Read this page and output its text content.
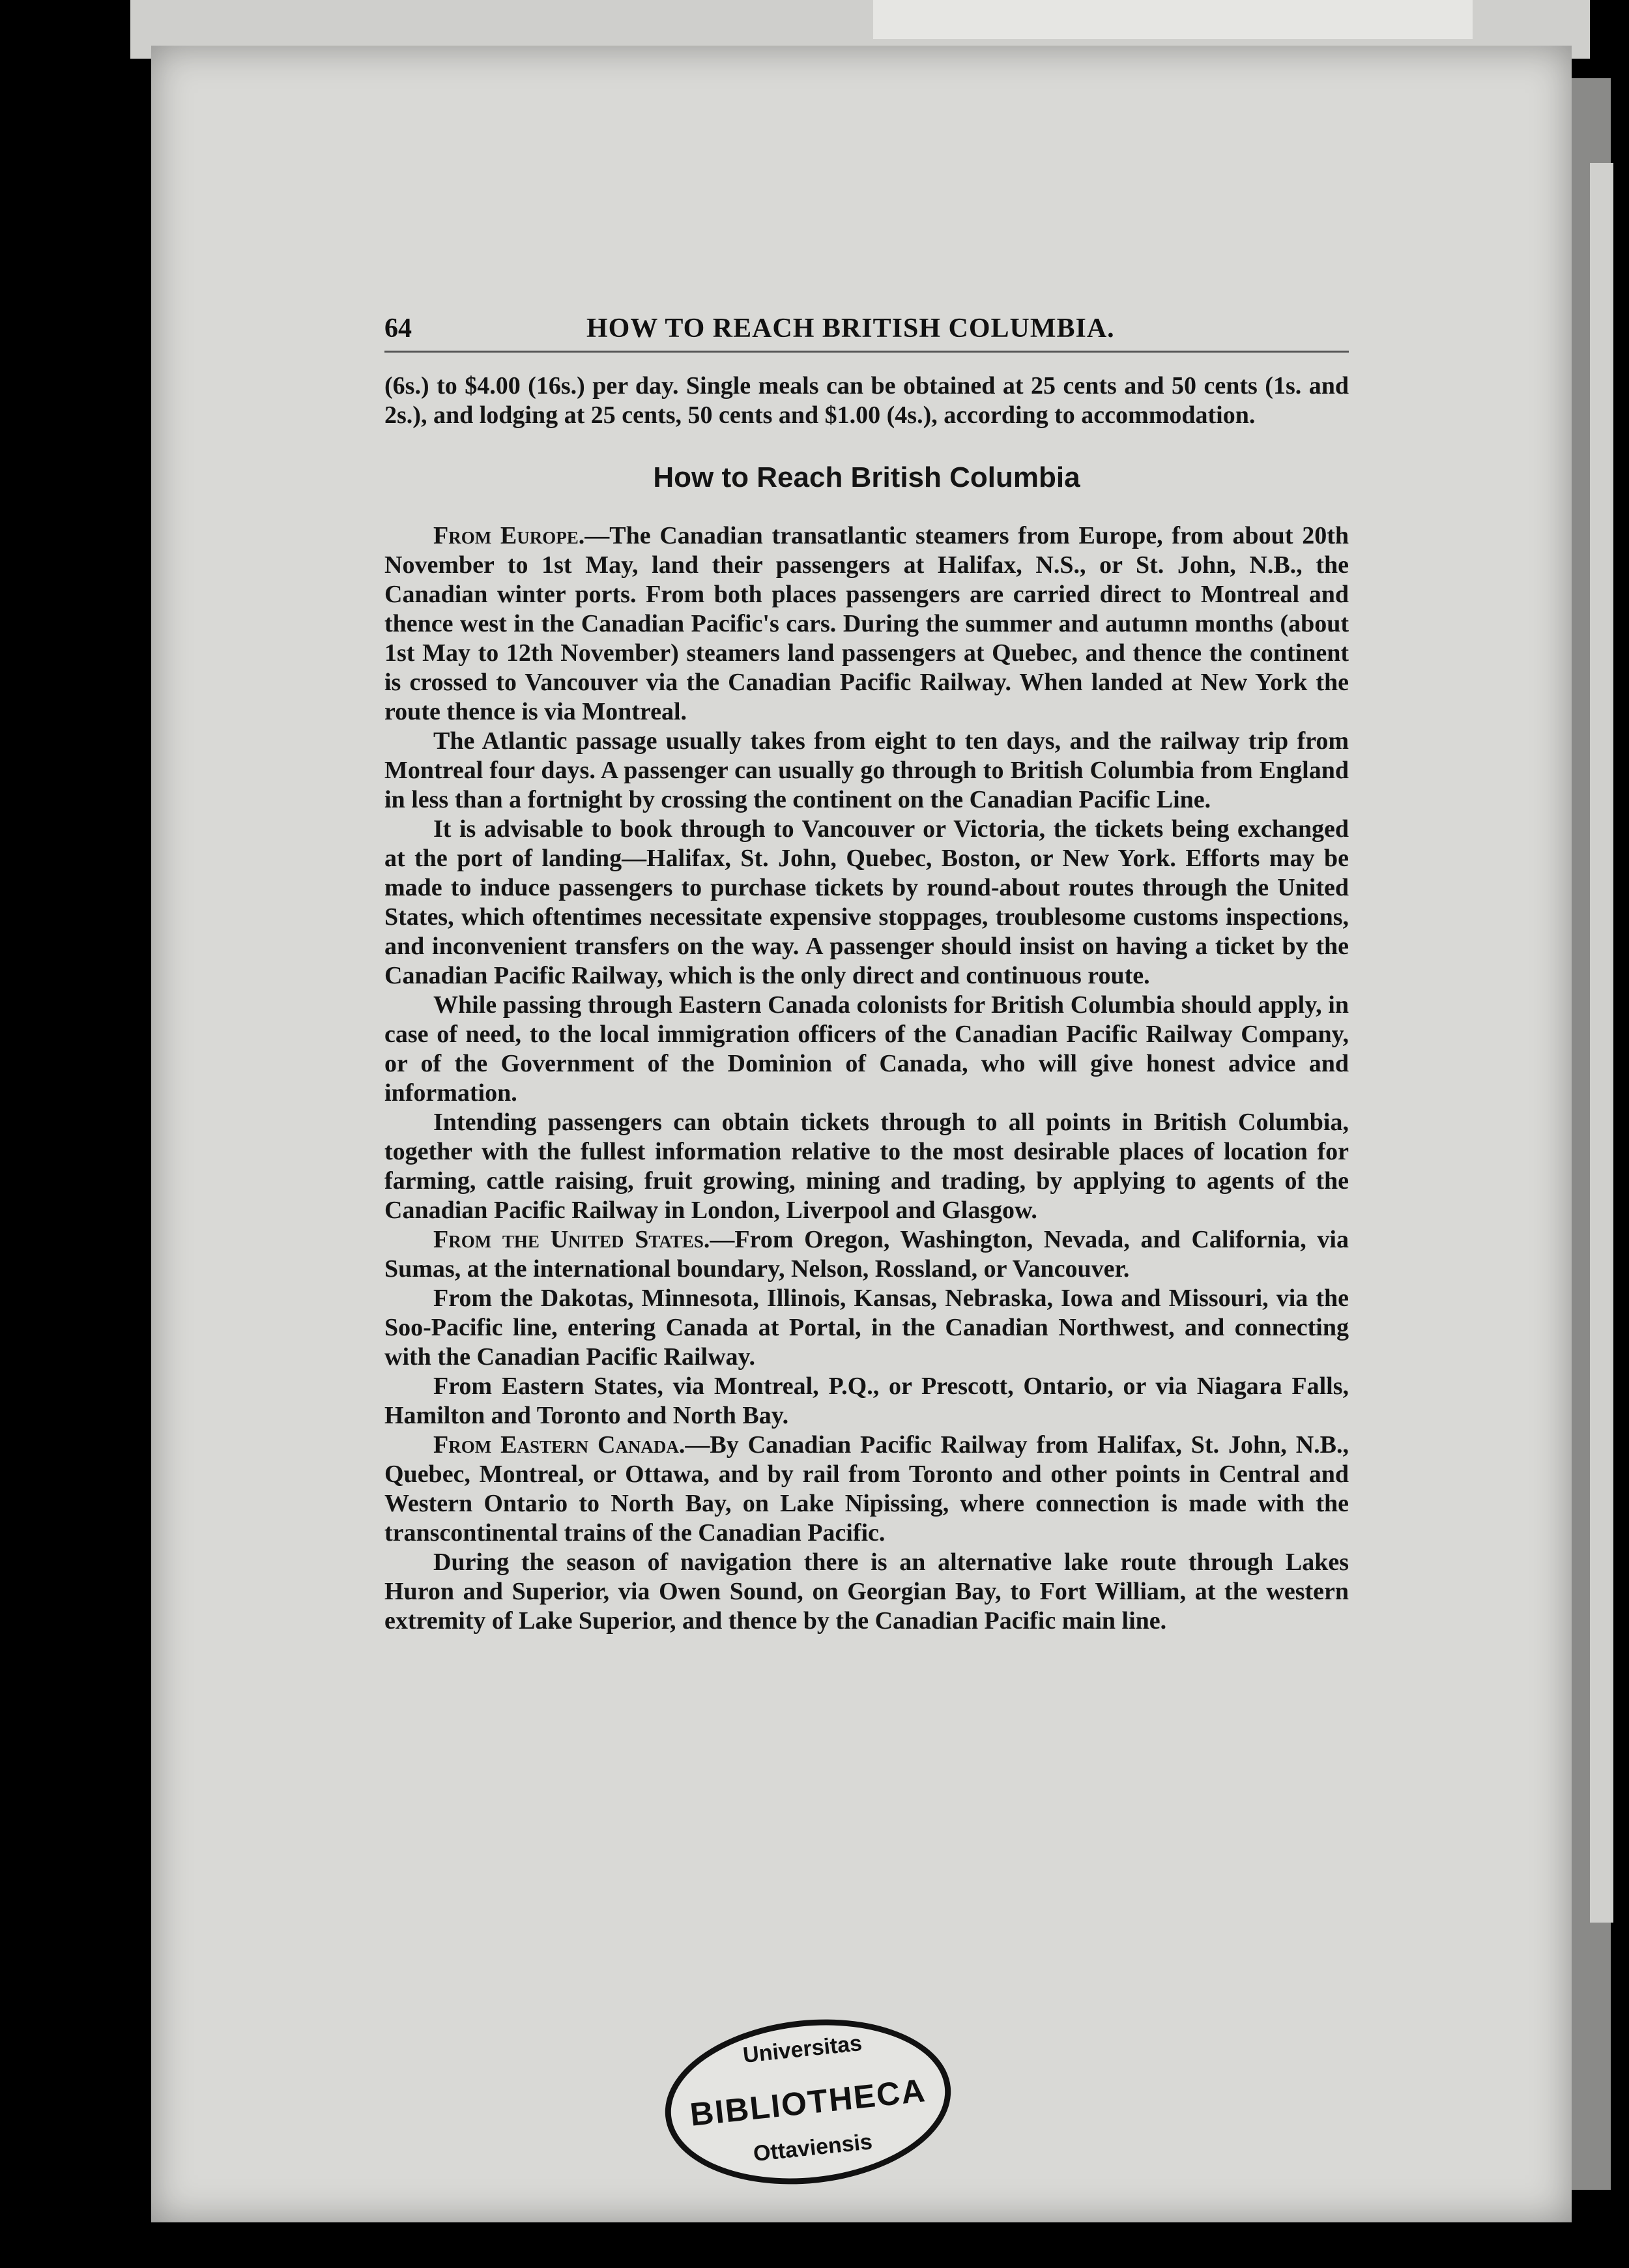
64	HOW TO REACH BRITISH COLUMBIA.

(6s.) to $4.00 (16s.) per day. Single meals can be obtained at 25 cents and 50 cents (1s. and 2s.), and lodging at 25 cents, 50 cents and $1.00 (4s.), according to accommodation.

How to Reach British Columbia

From Europe.—The Canadian transatlantic steamers from Europe, from about 20th November to 1st May, land their passengers at Halifax, N.S., or St. John, N.B., the Canadian winter ports. From both places passengers are carried direct to Montreal and thence west in the Canadian Pacific's cars. During the summer and autumn months (about 1st May to 12th November) steamers land passengers at Quebec, and thence the continent is crossed to Vancouver via the Canadian Pacific Railway. When landed at New York the route thence is via Montreal.

The Atlantic passage usually takes from eight to ten days, and the railway trip from Montreal four days. A passenger can usually go through to British Columbia from England in less than a fortnight by crossing the continent on the Canadian Pacific Line.

It is advisable to book through to Vancouver or Victoria, the tickets being exchanged at the port of landing—Halifax, St. John, Quebec, Boston, or New York. Efforts may be made to induce passengers to purchase tickets by round-about routes through the United States, which oftentimes necessitate expensive stoppages, troublesome customs inspections, and inconvenient transfers on the way. A passenger should insist on having a ticket by the Canadian Pacific Railway, which is the only direct and continuous route.

While passing through Eastern Canada colonists for British Columbia should apply, in case of need, to the local immigration officers of the Canadian Pacific Railway Company, or of the Government of the Dominion of Canada, who will give honest advice and information.

Intending passengers can obtain tickets through to all points in British Columbia, together with the fullest information relative to the most desirable places of location for farming, cattle raising, fruit growing, mining and trading, by applying to agents of the Canadian Pacific Railway in London, Liverpool and Glasgow.

From the United States.—From Oregon, Washington, Nevada, and California, via Sumas, at the international boundary, Nelson, Rossland, or Vancouver.

From the Dakotas, Minnesota, Illinois, Kansas, Nebraska, Iowa and Missouri, via the Soo-Pacific line, entering Canada at Portal, in the Canadian Northwest, and connecting with the Canadian Pacific Railway.

From Eastern States, via Montreal, P.Q., or Prescott, Ontario, or via Niagara Falls, Hamilton and Toronto and North Bay.

From Eastern Canada.—By Canadian Pacific Railway from Halifax, St. John, N.B., Quebec, Montreal, or Ottawa, and by rail from Toronto and other points in Central and Western Ontario to North Bay, on Lake Nipissing, where connection is made with the transcontinental trains of the Canadian Pacific.

During the season of navigation there is an alternative lake route through Lakes Huron and Superior, via Owen Sound, on Georgian Bay, to Fort William, at the western extremity of Lake Superior, and thence by the Canadian Pacific main line.

Universitas
BIBLIOTHECA
Ottaviensis
